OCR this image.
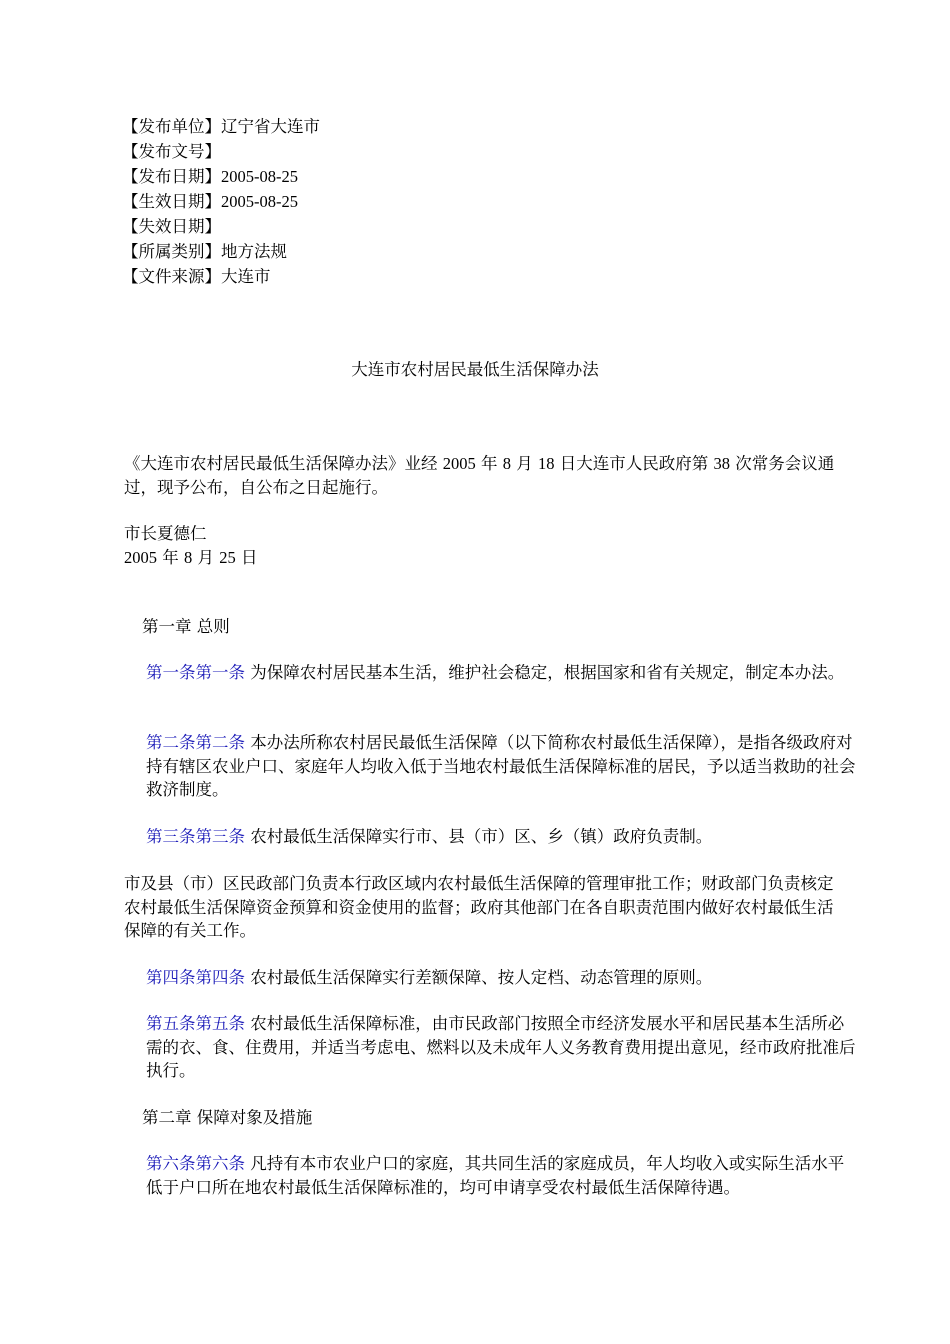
【发布单位】辽宁省大连市
【发布文号】
【发布日期】2005-08-25
【生效日期】2005-08-25
【失效日期】
【所属类别】地方法规
【文件来源】大连市
大连市农村居民最低生活保障办法
《大连市农村居民最低生活保障办法》业经 2005 年 8 月 18 日大连市人民政府第 38 次常务会议通过，现予公布，自公布之日起施行。
市长夏德仁
2005 年 8 月 25 日
第一章 总则
第一条第一条 为保障农村居民基本生活，维护社会稳定，根据国家和省有关规定，制定本办法。
第二条第二条 本办法所称农村居民最低生活保障（以下简称农村最低生活保障），是指各级政府对持有辖区农业户口、家庭年人均收入低于当地农村最低生活保障标准的居民，予以适当救助的社会救济制度。
第三条第三条 农村最低生活保障实行市、县（市）区、乡（镇）政府负责制。
市及县（市）区民政部门负责本行政区域内农村最低生活保障的管理审批工作；财政部门负责核定农村最低生活保障资金预算和资金使用的监督；政府其他部门在各自职责范围内做好农村最低生活保障的有关工作。
第四条第四条 农村最低生活保障实行差额保障、按人定档、动态管理的原则。
第五条第五条 农村最低生活保障标准，由市民政部门按照全市经济发展水平和居民基本生活所必需的衣、食、住费用，并适当考虑电、燃料以及未成年人义务教育费用提出意见，经市政府批准后执行。
第二章 保障对象及措施
第六条第六条 凡持有本市农业户口的家庭，其共同生活的家庭成员，年人均收入或实际生活水平低于户口所在地农村最低生活保障标准的，均可申请享受农村最低生活保障待遇。
